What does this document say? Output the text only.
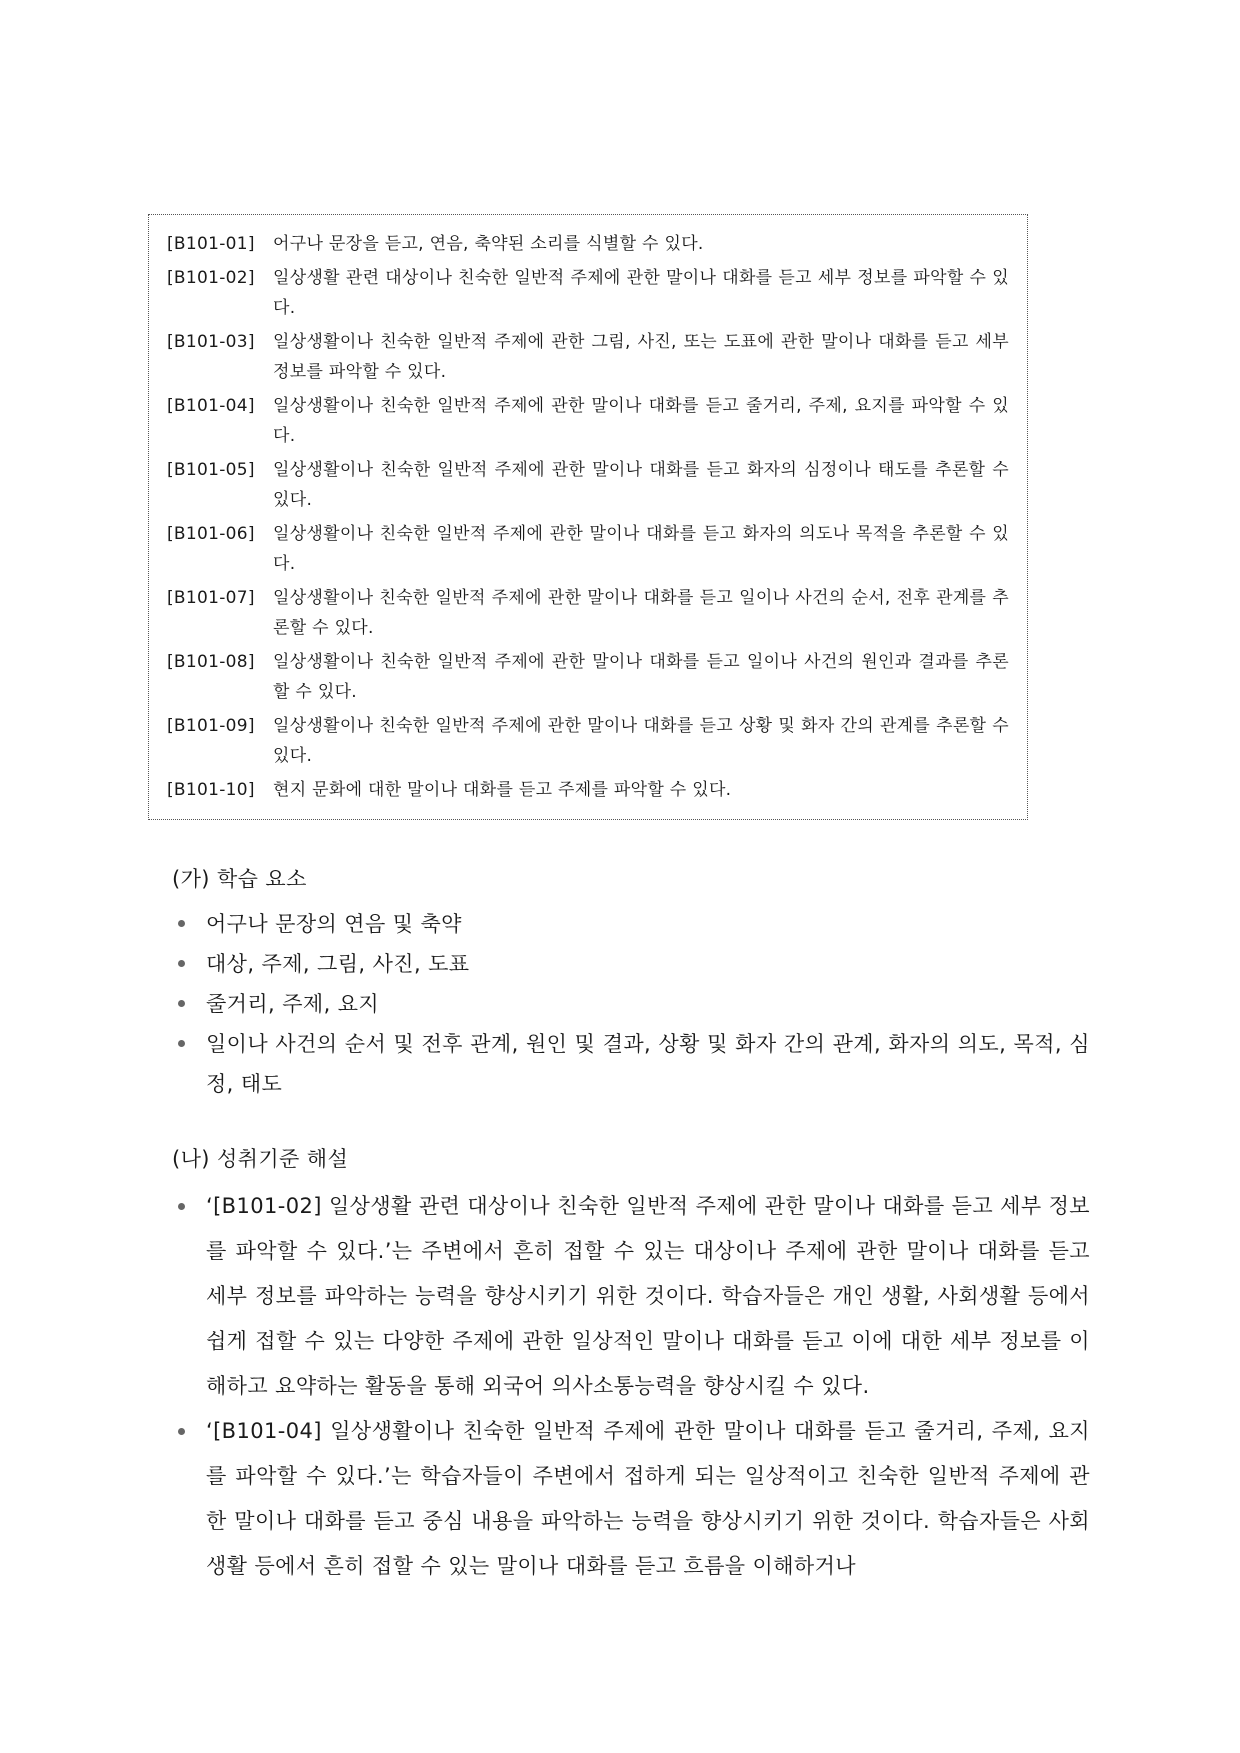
[B101-01]	어구나 문장을 듣고, 연음, 축약된 소리를 식별할 수 있다.
[B101-02]	일상생활 관련 대상이나 친숙한 일반적 주제에 관한 말이나 대화를 듣고 세부 정보를 파악할 수 있다.
[B101-03]	일상생활이나 친숙한 일반적 주제에 관한 그림, 사진, 또는 도표에 관한 말이나 대화를 듣고 세부 정보를 파악할 수 있다.
[B101-04]	일상생활이나 친숙한 일반적 주제에 관한 말이나 대화를 듣고 줄거리, 주제, 요지를 파악할 수 있다.
[B101-05]	일상생활이나 친숙한 일반적 주제에 관한 말이나 대화를 듣고 화자의 심정이나 태도를 추론할 수 있다.
[B101-06]	일상생활이나 친숙한 일반적 주제에 관한 말이나 대화를 듣고 화자의 의도나 목적을 추론할 수 있다.
[B101-07]	일상생활이나 친숙한 일반적 주제에 관한 말이나 대화를 듣고 일이나 사건의 순서, 전후 관계를 추론할 수 있다.
[B101-08]	일상생활이나 친숙한 일반적 주제에 관한 말이나 대화를 듣고 일이나 사건의 원인과 결과를 추론할 수 있다.
[B101-09]	일상생활이나 친숙한 일반적 주제에 관한 말이나 대화를 듣고 상황 및 화자 간의 관계를 추론할 수 있다.
[B101-10]	현지 문화에 대한 말이나 대화를 듣고 주제를 파악할 수 있다.

(가) 학습 요소

어구나 문장의 연음 및 축약
대상, 주제, 그림, 사진, 도표
줄거리, 주제, 요지
일이나 사건의 순서 및 전후 관계, 원인 및 결과, 상황 및 화자 간의 관계, 화자의 의도, 목적, 심정, 태도

(나) 성취기준 해설

‘[B101-02] 일상생활 관련 대상이나 친숙한 일반적 주제에 관한 말이나 대화를 듣고 세부 정보를 파악할 수 있다.’는 주변에서 흔히 접할 수 있는 대상이나 주제에 관한 말이나 대화를 듣고 세부 정보를 파악하는 능력을 향상시키기 위한 것이다. 학습자들은 개인 생활, 사회생활 등에서 쉽게 접할 수 있는 다양한 주제에 관한 일상적인 말이나 대화를 듣고 이에 대한 세부 정보를 이해하고 요약하는 활동을 통해 외국어 의사소통능력을 향상시킬 수 있다.
‘[B101-04] 일상생활이나 친숙한 일반적 주제에 관한 말이나 대화를 듣고 줄거리, 주제, 요지를 파악할 수 있다.’는 학습자들이 주변에서 접하게 되는 일상적이고 친숙한 일반적 주제에 관한 말이나 대화를 듣고 중심 내용을 파악하는 능력을 향상시키기 위한 것이다. 학습자들은 사회생활 등에서 흔히 접할 수 있는 말이나 대화를 듣고 흐름을 이해하거나
